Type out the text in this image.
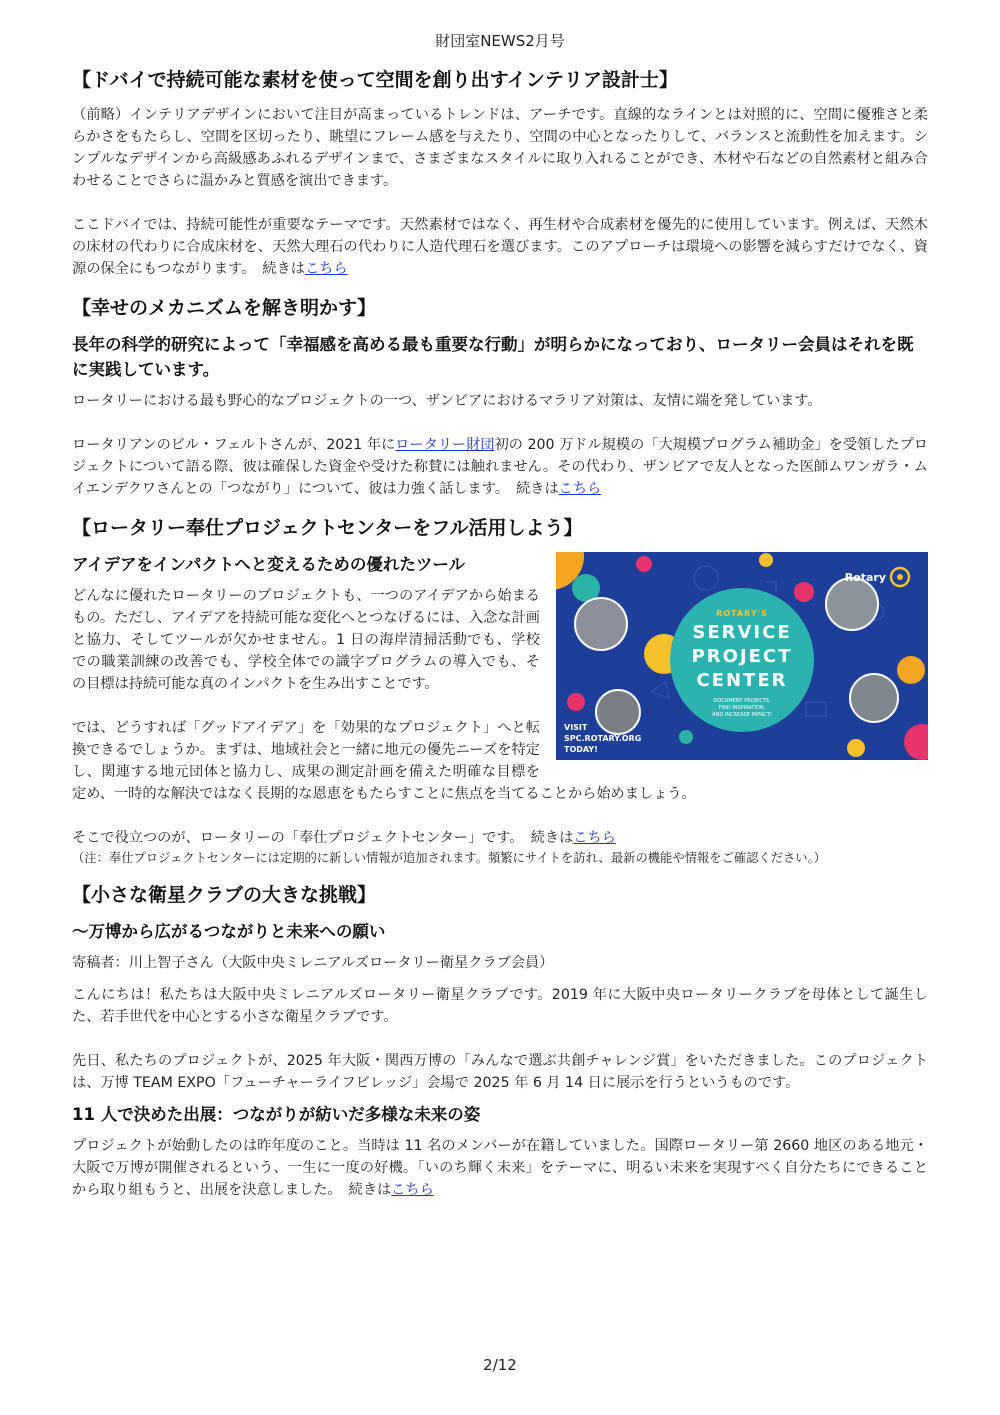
財団室NEWS2月号
【ドバイで持続可能な素材を使って空間を創り出すインテリア設計士】

（前略）インテリアデザインにおいて注目が高まっているトレンドは、アーチです。直線的なラインとは対照的に、空間に優雅さと柔らかさをもたらし、空間を区切ったり、眺望にフレーム感を与えたり、空間の中心となったりして、バランスと流動性を加えます。シンプルなデザインから高級感あふれるデザインまで、さまざまなスタイルに取り入れることができ、木材や石などの自然素材と組み合わせることでさらに温かみと質感を演出できます。

ここドバイでは、持続可能性が重要なテーマです。天然素材ではなく、再生材や合成素材を優先的に使用しています。例えば、天然木の床材の代わりに合成床材を、天然大理石の代わりに人造代理石を選びます。このアプローチは環境への影響を減らすだけでなく、資源の保全にもつながります。　続きはこちら

【幸せのメカニズムを解き明かす】
長年の科学的研究によって「幸福感を高める最も重要な行動」が明らかになっており、ロータリー会員はそれを既に実践しています。

ロータリーにおける最も野心的なプロジェクトの一つ、ザンビアにおけるマラリア対策は、友情に端を発しています。

ロータリアンのビル・フェルトさんが、2021 年にロータリー財団初の 200 万ドル規模の「大規模プログラム補助金」を受領したプロジェクトについて語る際、彼は確保した資金や受けた称賛には触れません。その代わり、ザンビアで友人となった医師ムワンガラ・ムイエンデクワさんとの「つながり」について、彼は力強く話します。　続きはこちら

【ロータリー奉仕プロジェクトセンターをフル活用しよう】
ROTARY'S
SERVICE
PROJECT
CENTER
DOCUMENT PROJECTS,
FIND INSPIRATION,
AND INCREASE IMPACT!
VISIT
SPC.ROTARY.ORG
TODAY!
Rotary
アイデアをインパクトへと変えるための優れたツール

どんなに優れたロータリーのプロジェクトも、一つのアイデアから始まるもの。ただし、アイデアを持続可能な変化へとつなげるには、入念な計画と協力、そしてツールが欠かせません。1 日の海岸清掃活動でも、学校での職業訓練の改善でも、学校全体での識字プログラムの導入でも、その目標は持続可能な真のインパクトを生み出すことです。

では、どうすれば「グッドアイデア」を「効果的なプロジェクト」へと転換できるでしょうか。まずは、地域社会と一緒に地元の優先ニーズを特定し、関連する地元団体と協力し、成果の測定計画を備えた明確な目標を定め、一時的な解決ではなく長期的な恩恵をもたらすことに焦点を当てることから始めましょう。

そこで役立つのが、ロータリーの「奉仕プロジェクトセンター」です。　続きはこちら

（注：奉仕プロジェクトセンターには定期的に新しい情報が追加されます。頻繁にサイトを訪れ、最新の機能や情報をご確認ください。）

【小さな衛星クラブの大きな挑戦】
～万博から広がるつながりと未来への願い

寄稿者：川上智子さん（大阪中央ミレニアルズロータリー衛星クラブ会員）

こんにちは！私たちは大阪中央ミレニアルズロータリー衛星クラブです。2019 年に大阪中央ロータリークラブを母体として誕生した、若手世代を中心とする小さな衛星クラブです。

先日、私たちのプロジェクトが、2025 年大阪・関西万博の「みんなで選ぶ共創チャレンジ賞」をいただきました。このプロジェクトは、万博 TEAM EXPO「フューチャーライフビレッジ」会場で 2025 年 6 月 14 日に展示を行うというものです。

11 人で決めた出展：つながりが紡いだ多様な未来の姿

プロジェクトが始動したのは昨年度のこと。当時は 11 名のメンバーが在籍していました。国際ロータリー第 2660 地区のある地元・大阪で万博が開催されるという、一生に一度の好機。「いのち輝く未来」をテーマに、明るい未来を実現すべく自分たちにできることから取り組もうと、出展を決意しました。　続きはこちら

2/12
